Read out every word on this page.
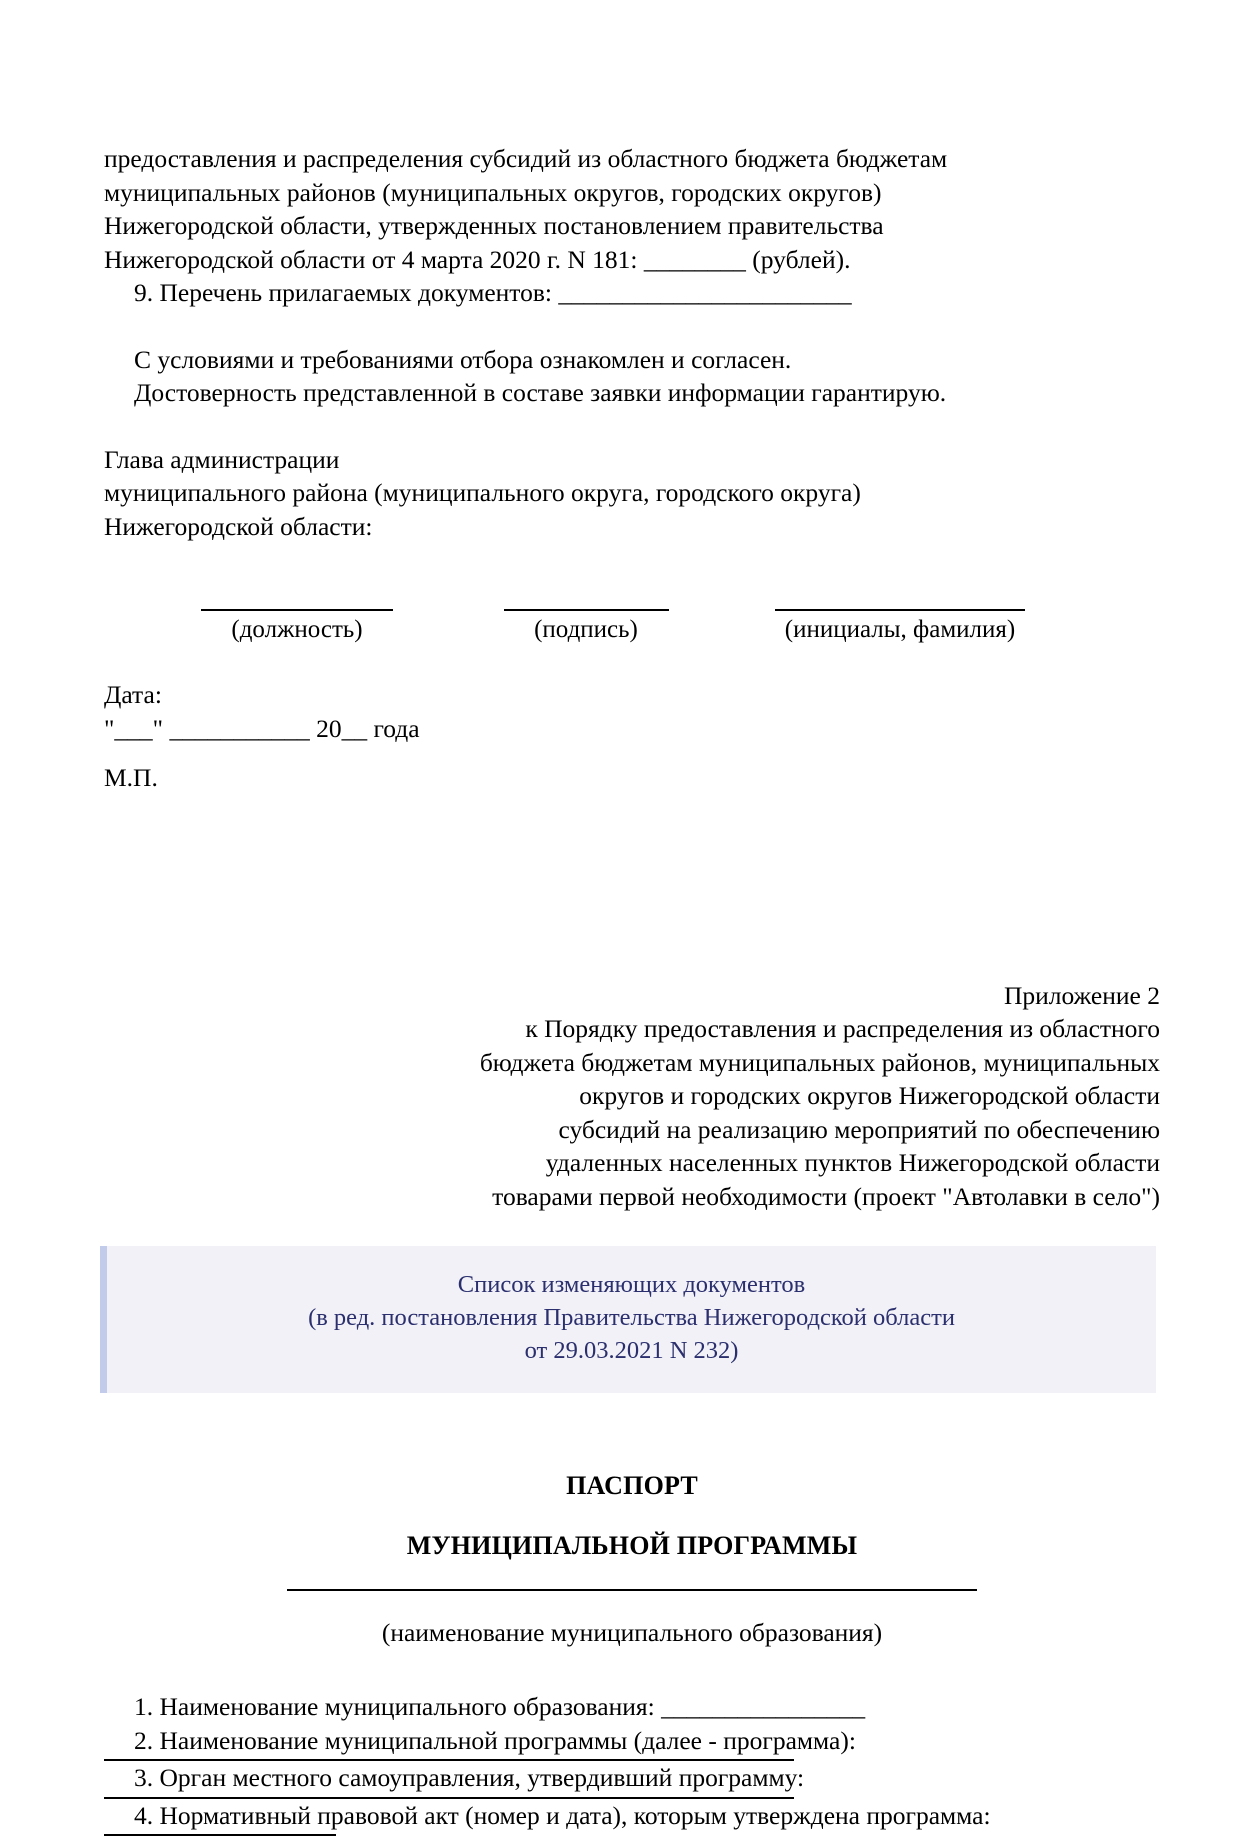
предоставления и распределения субсидий из областного бюджета бюджетам

муниципальных районов (муниципальных округов, городских округов)

Нижегородской области, утвержденных постановлением правительства

Нижегородской области от 4 марта 2020 г. N 181: ________ (рублей).

9. Перечень прилагаемых документов: _______________________

С условиями и требованиями отбора ознакомлен и согласен.

Достоверность представленной в составе заявки информации гарантирую.

Глава администрации

муниципального района (муниципального округа, городского округа)

Нижегородской области:

(должность)	(подпись)	(инициалы, фамилия)

Дата:

"___" ___________ 20__ года

М.П.

Приложение 2

к Порядку предоставления и распределения из областного

бюджета бюджетам муниципальных районов, муниципальных

округов и городских округов Нижегородской области

субсидий на реализацию мероприятий по обеспечению

удаленных населенных пунктов Нижегородской области

товарами первой необходимости (проект "Автолавки в село")

Список изменяющих документов

(в ред. постановления Правительства Нижегородской области

от 29.03.2021 N 232)

ПАСПОРТ

МУНИЦИПАЛЬНОЙ ПРОГРАММЫ

(наименование муниципального образования)

1. Наименование муниципального образования: ________________

2. Наименование муниципальной программы (далее - программа):

3. Орган местного самоуправления, утвердивший программу:

4. Нормативный правовой акт (номер и дата), которым утверждена программа:
